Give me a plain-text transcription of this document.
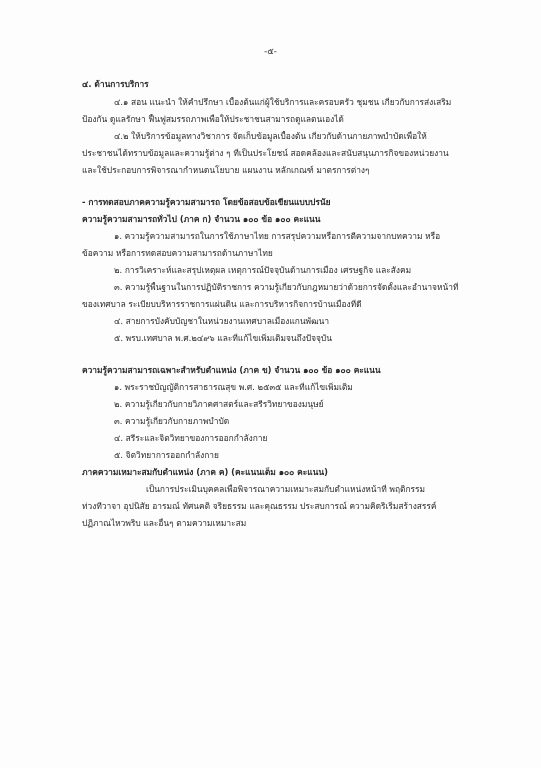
-๕-
๔. ด้านการบริการ
๔.๑ สอน แนะนำ ให้คำปรึกษา เบื้องต้นแก่ผู้ใช้บริการและครอบครัว ชุมชน เกี่ยวกับการส่งเสริม
ป้องกัน ดูแลรักษา ฟื้นฟูสมรรถภาพเพื่อให้ประชาชนสามารถดูแลตนเองได้
๔.๒ ให้บริการข้อมูลทางวิชาการ จัดเก็บข้อมูลเบื้องต้น เกี่ยวกับด้านกายภาพบำบัดเพื่อให้
ประชาชนได้ทราบข้อมูลและความรู้ต่าง ๆ ที่เป็นประโยชน์ สอดคล้องและสนับสนุนภารกิจของหน่วยงาน
และใช้ประกอบการพิจารณากำหนดนโยบาย แผนงาน หลักเกณฑ์ มาตรการต่างๆ
- การทดสอบภาคความรู้ความสามารถ โดยข้อสอบข้อเขียนแบบปรนัย
ความรู้ความสามารถทั่วไป (ภาค ก) จำนวน ๑๐๐ ข้อ ๑๐๐ คะแนน
๑. ความรู้ความสามารถในการใช้ภาษาไทย การสรุปความหรือการตีความจากบทความ หรือ
ข้อความ หรือการทดสอบความสามารถด้านภาษาไทย
๒. การวิเคราะห์และสรุปเหตุผล เหตุการณ์ปัจจุบันด้านการเมือง เศรษฐกิจ และสังคม
๓. ความรู้พื้นฐานในการปฏิบัติราชการ ความรู้เกี่ยวกับกฎหมายว่าด้วยการจัดตั้งและอำนาจหน้าที่
ของเทศบาล ระเบียบบริหารราชการแผ่นดิน และการบริหารกิจการบ้านเมืองที่ดี
๔. สายการบังคับบัญชาในหน่วยงานเทศบาลเมืองแกนพัฒนา
๕. พรบ.เทศบาล พ.ศ.๒๔๙๖ และที่แก้ไขเพิ่มเติมจนถึงปัจจุบัน
ความรู้ความสามารถเฉพาะสำหรับตำแหน่ง (ภาค ข) จำนวน ๑๐๐ ข้อ ๑๐๐ คะแนน
๑. พระราชบัญญัติการสาธารณสุข พ.ศ. ๒๕๓๕ และที่แก้ไขเพิ่มเติม
๒. ความรู้เกี่ยวกับกายวิภาคศาสตร์และสรีรวิทยาของมนุษย์
๓. ความรู้เกี่ยวกับกายภาพบำบัด
๔. สรีระและจิตวิทยาของการออกกำลังกาย
๕. จิตวิทยาการออกกำลังกาย
ภาคความเหมาะสมกับตำแหน่ง (ภาค ค) (คะแนนเต็ม ๑๐๐ คะแนน)
เป็นการประเมินบุคคลเพื่อพิจารณาความเหมาะสมกับตำแหน่งหน้าที่ พฤติกรรม
ท่วงทีวาจา อุปนิสัย อารมณ์ ทัศนคติ จริยธรรม และคุณธรรม ประสบการณ์ ความคิดริเริ่มสร้างสรรค์
ปฏิภาณไหวพริบ และอื่นๆ ตามความเหมาะสม
